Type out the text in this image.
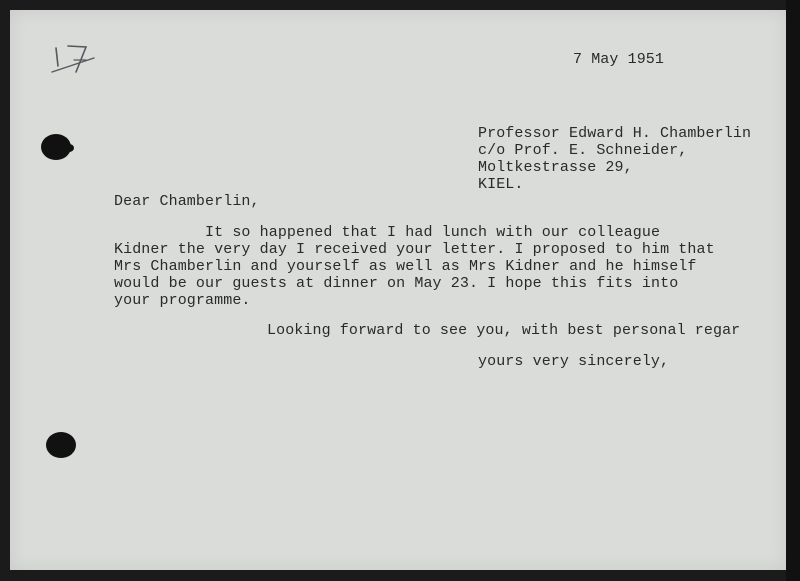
7 May 1951
Professor Edward H. Chamberlin
c/o Prof. E. Schneider,
Moltkestrasse 29,
KIEL.
Dear Chamberlin,
It so happened that I had lunch with our colleague
Kidner the very day I received your letter. I proposed to him that
Mrs Chamberlin and yourself as well as Mrs Kidner and he himself
would be our guests at dinner on May 23. I hope this fits into
your programme.
Looking forward to see you, with best personal regar
yours very sincerely,
